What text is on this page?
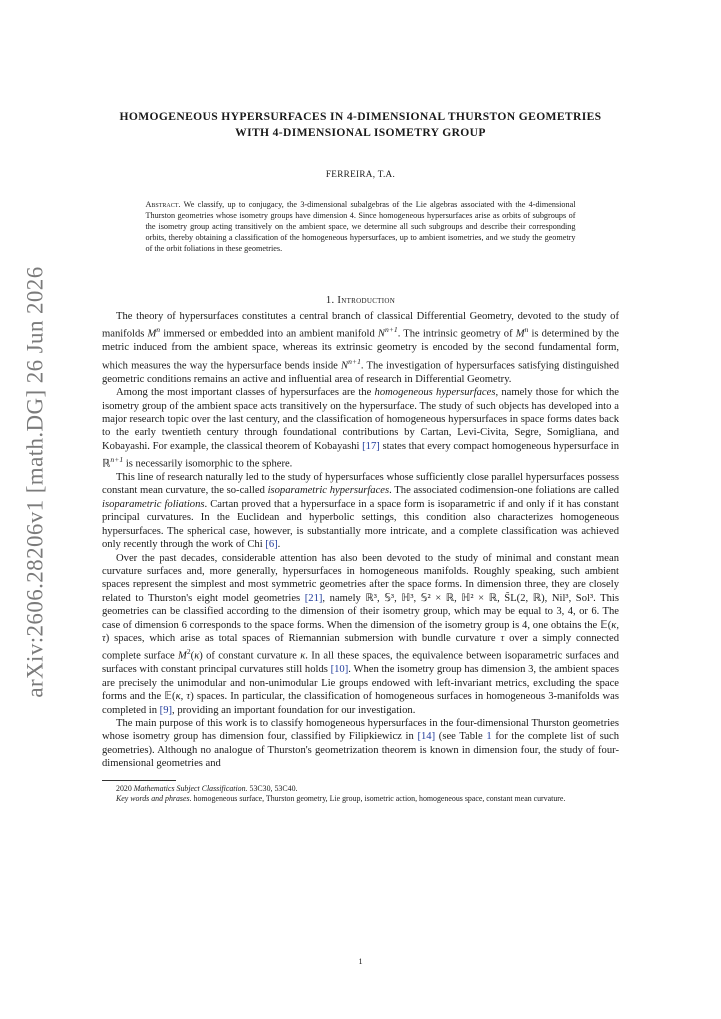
arXiv:2606.28206v1 [math.DG] 26 Jun 2026
HOMOGENEOUS HYPERSURFACES IN 4-DIMENSIONAL THURSTON GEOMETRIES WITH 4-DIMENSIONAL ISOMETRY GROUP
FERREIRA, T.A.
Abstract. We classify, up to conjugacy, the 3-dimensional subalgebras of the Lie algebras associated with the 4-dimensional Thurston geometries whose isometry groups have dimension 4. Since homogeneous hypersurfaces arise as orbits of subgroups of the isometry group acting transitively on the ambient space, we determine all such subgroups and describe their corresponding orbits, thereby obtaining a classification of the homogeneous hypersurfaces, up to ambient isometries, and we study the geometry of the orbit foliations in these geometries.
1. Introduction

The theory of hypersurfaces constitutes a central branch of classical Differential Geometry, devoted to the study of manifolds $M^n$ immersed or embedded into an ambient manifold $N^{n+1}$. The intrinsic geometry of $M^n$ is determined by the metric induced from the ambient space, whereas its extrinsic geometry is encoded by the second fundamental form, which measures the way the hypersurface bends inside $N^{n+1}$. The investigation of hypersurfaces satisfying distinguished geometric conditions remains an active and influential area of research in Differential Geometry.

Among the most important classes of hypersurfaces are the homogeneous hypersurfaces, namely those for which the isometry group of the ambient space acts transitively on the hypersurface. The study of such objects has developed into a major research topic over the last century, and the classification of homogeneous hypersurfaces in space forms dates back to the early twentieth century through foundational contributions by Cartan, Levi-Civita, Segre, Somigliana, and Kobayashi. For example, the classical theorem of Kobayashi [17] states that every compact homogeneous hypersurface in ℝ$^{n+1}$ is necessarily isomorphic to the sphere.

This line of research naturally led to the study of hypersurfaces whose sufficiently close parallel hypersurfaces possess constant mean curvature, the so-called isoparametric hypersurfaces. The associated codimension-one foliations are called isoparametric foliations. Cartan proved that a hypersurface in a space form is isoparametric if and only if it has constant principal curvatures. In the Euclidean and hyperbolic settings, this condition also characterizes homogeneous hypersurfaces. The spherical case, however, is substantially more intricate, and a complete classification was achieved only recently through the work of Chi [6].

Over the past decades, considerable attention has also been devoted to the study of minimal and constant mean curvature surfaces and, more generally, hypersurfaces in homogeneous manifolds. Roughly speaking, such ambient spaces represent the simplest and most symmetric geometries after the space forms. In dimension three, they are closely related to Thurston's eight model geometries [21], namely ℝ³, 𝕊³, ℍ³, 𝕊² × ℝ, ℍ² × ℝ, S̃L(2, ℝ), Nil³, Sol³. This geometries can be classified according to the dimension of their isometry group, which may be equal to 3, 4, or 6. The case of dimension 6 corresponds to the space forms. When the dimension of the isometry group is 4, one obtains the 𝔼(κ, τ) spaces, which arise as total spaces of Riemannian submersion with bundle curvature τ over a simply connected complete surface $M^2(\kappa)$ of constant curvature κ. In all these spaces, the equivalence between isoparametric surfaces and surfaces with constant principal curvatures still holds [10]. When the isometry group has dimension 3, the ambient spaces are precisely the unimodular and non-unimodular Lie groups endowed with left-invariant metrics, excluding the space forms and the 𝔼(κ, τ) spaces. In particular, the classification of homogeneous surfaces in homogeneous 3-manifolds was completed in [9], providing an important foundation for our investigation.

The main purpose of this work is to classify homogeneous hypersurfaces in the four-dimensional Thurston geometries whose isometry group has dimension four, classified by Filipkiewicz in [14] (see Table 1 for the complete list of such geometries). Although no analogue of Thurston's geometrization theorem is known in dimension four, the study of four-dimensional geometries and

2020 Mathematics Subject Classification. 53C30, 53C40.
Key words and phrases. homogeneous surface, Thurston geometry, Lie group, isometric action, homogeneous space, constant mean curvature.
1
